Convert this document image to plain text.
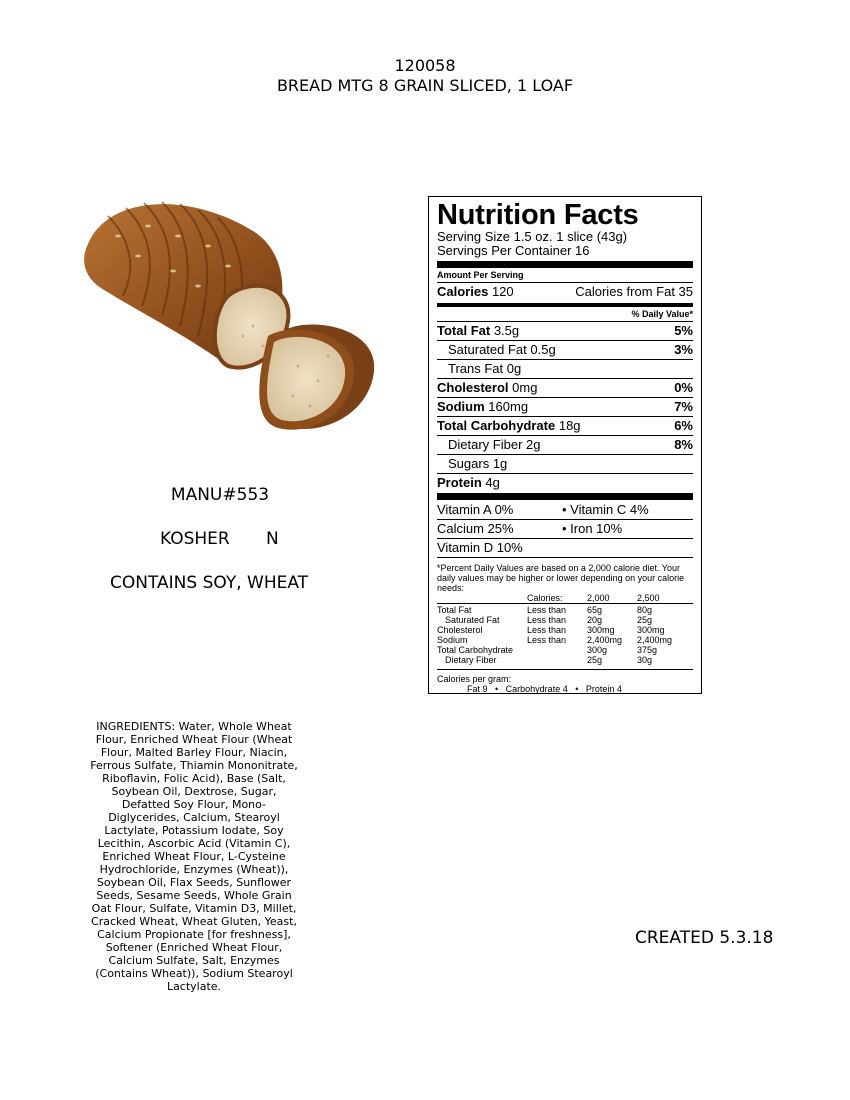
120058
BREAD MTG 8 GRAIN SLICED, 1 LOAF
MANU#553
KOSHER N
CONTAINS SOY, WHEAT
INGREDIENTS: Water, Whole Wheat Flour, Enriched Wheat Flour (Wheat Flour, Malted Barley Flour, Niacin, Ferrous Sulfate, Thiamin Mononitrate, Riboflavin, Folic Acid), Base (Salt, Soybean Oil, Dextrose, Sugar, Defatted Soy Flour, Mono-Diglycerides, Calcium, Stearoyl Lactylate, Potassium Iodate, Soy Lecithin, Ascorbic Acid (Vitamin C), Enriched Wheat Flour, L-Cysteine Hydrochloride, Enzymes (Wheat)), Soybean Oil, Flax Seeds, Sunflower Seeds, Sesame Seeds, Whole Grain Oat Flour, Sulfate, Vitamin D3, Millet, Cracked Wheat, Wheat Gluten, Yeast, Calcium Propionate [for freshness], Softener (Enriched Wheat Flour, Calcium Sulfate, Salt, Enzymes (Contains Wheat)), Sodium Stearoyl Lactylate.
CREATED 5.3.18
Nutrition Facts
Serving Size 1.5 oz. 1 slice (43g)
Servings Per Container 16
Amount Per Serving
Calories 120	Calories from Fat 35
% Daily Value*
Total Fat 3.5g	5%
Saturated Fat 0.5g	3%
Trans Fat 0g
Cholesterol 0mg	0%
Sodium 160mg	7%
Total Carbohydrate 18g	6%
Dietary Fiber 2g	8%
Sugars 1g
Protein 4g
Vitamin A 0%	• Vitamin C 4%
Calcium 25%	• Iron 10%
Vitamin D 10%
*Percent Daily Values are based on a 2,000 calorie diet. Your daily values may be higher or lower depending on your calorie needs:
	Calories:	2,000	2,500

Total Fat	Less than	65g	80g
Saturated Fat	Less than	20g	25g
Cholesterol	Less than	300mg	300mg
Sodium	Less than	2,400mg	2,400mg
Total Carbohydrate		300g	375g
Dietary Fiber		25g	30g
Calories per gram:
Fat 9   •   Carbohydrate 4   •   Protein 4
